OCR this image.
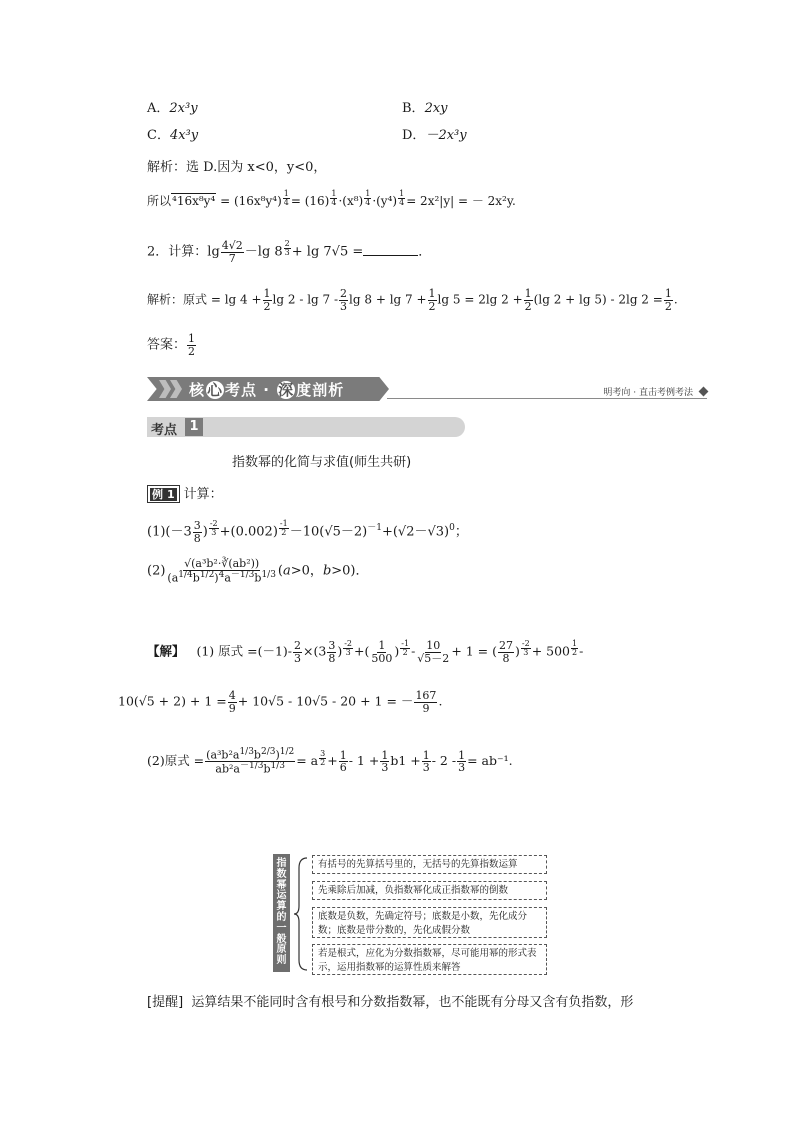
A．2x³y	B．2xy
C．4x³y	D．－2x³y
解析：选 D.因为 x<0，y<0，
所以$^416x^8y^4 = (16x^8y^4) \frac{1}{4} = (16) \frac{1}{4} \cdot(x^8) \frac{1}{4} \cdot(y^4) \frac{1}{4} = 2x^2|y|$ = － 2x²y.
2．计算：$\lg \frac{4√2}{7} -\lg$ $8 \frac{2}{3} + \lg 7√5$ =	．
解析：原式 = $\lg 4 + \frac{1}{2}$ $\lg 2 - \lg 7 - \frac{2}{3}$ $\lg 8 + \lg 7 + \frac{1}{2}$ lg 5 = 2lg $2 + \frac{1}{2} (\lg$ 2 + lg 5) - 2lg $2 = \frac{1}{2}$ .
答案： $\frac{1}{2}$
核 心 考点 · 深 度剖析	明考向 · 直击考例考法
考点 1
指数幂的化简与求值(师生共研)
例 1 计算：
$(1)(-3 \frac{3}{8}$ ) $\frac{-2}{3} +(0.002) \frac{-1}{2} -10(√5-2)^{-1}+(√2-√3)^0$；
$(2) \frac{\text{√(a³b²·∛(ab²))}}{(a^{1/4}b^{1/2})^4a^{-1/3}b^{1/3}} (a>0$，b>0)．
【解】 (1) 原式 $=(-1)- \frac{2}{3} \times(3 \frac{3}{8}$ ) $\frac{-2}{3}$ +( $\frac{1}{500}$ ) $\frac{-1}{2} - \frac{10}{√5-2} + 1$ = ( $\frac{27}{8}$ ) $\frac{-2}{3} + 500 \frac{1}{2}$ -
$10(√5 + 2) + 1 = \frac{4}{9} + 10√5 - 10√5 - 20 + 1$ = － $\frac{167}{9}$ .
(2)原式 = $\frac{(a^3b^2a^{1/3}b^{2/3})^{1/2}}{ab^2a^{-1/3}b^{1/3}} = a \frac{3}{2} + \frac{1}{6} - 1 + \frac{1}{3} b1 + \frac{1}{3} - 2 - \frac{1}{3} = ab^{-1}$.
指
数
幂
运
算
的
一
般
原
则
有括号的先算括号里的，无括号的先算指数运算
先乘除后加减，负指数幂化成正指数幂的倒数
底数是负数，先确定符号；底数是小数，先化成分数；底数是带分数的，先化成假分数
若是根式，应化为分数指数幂，尽可能用幂的形式表示，运用指数幂的运算性质来解答
[提醒] 运算结果不能同时含有根号和分数指数幂，也不能既有分母又含有负指数，形
